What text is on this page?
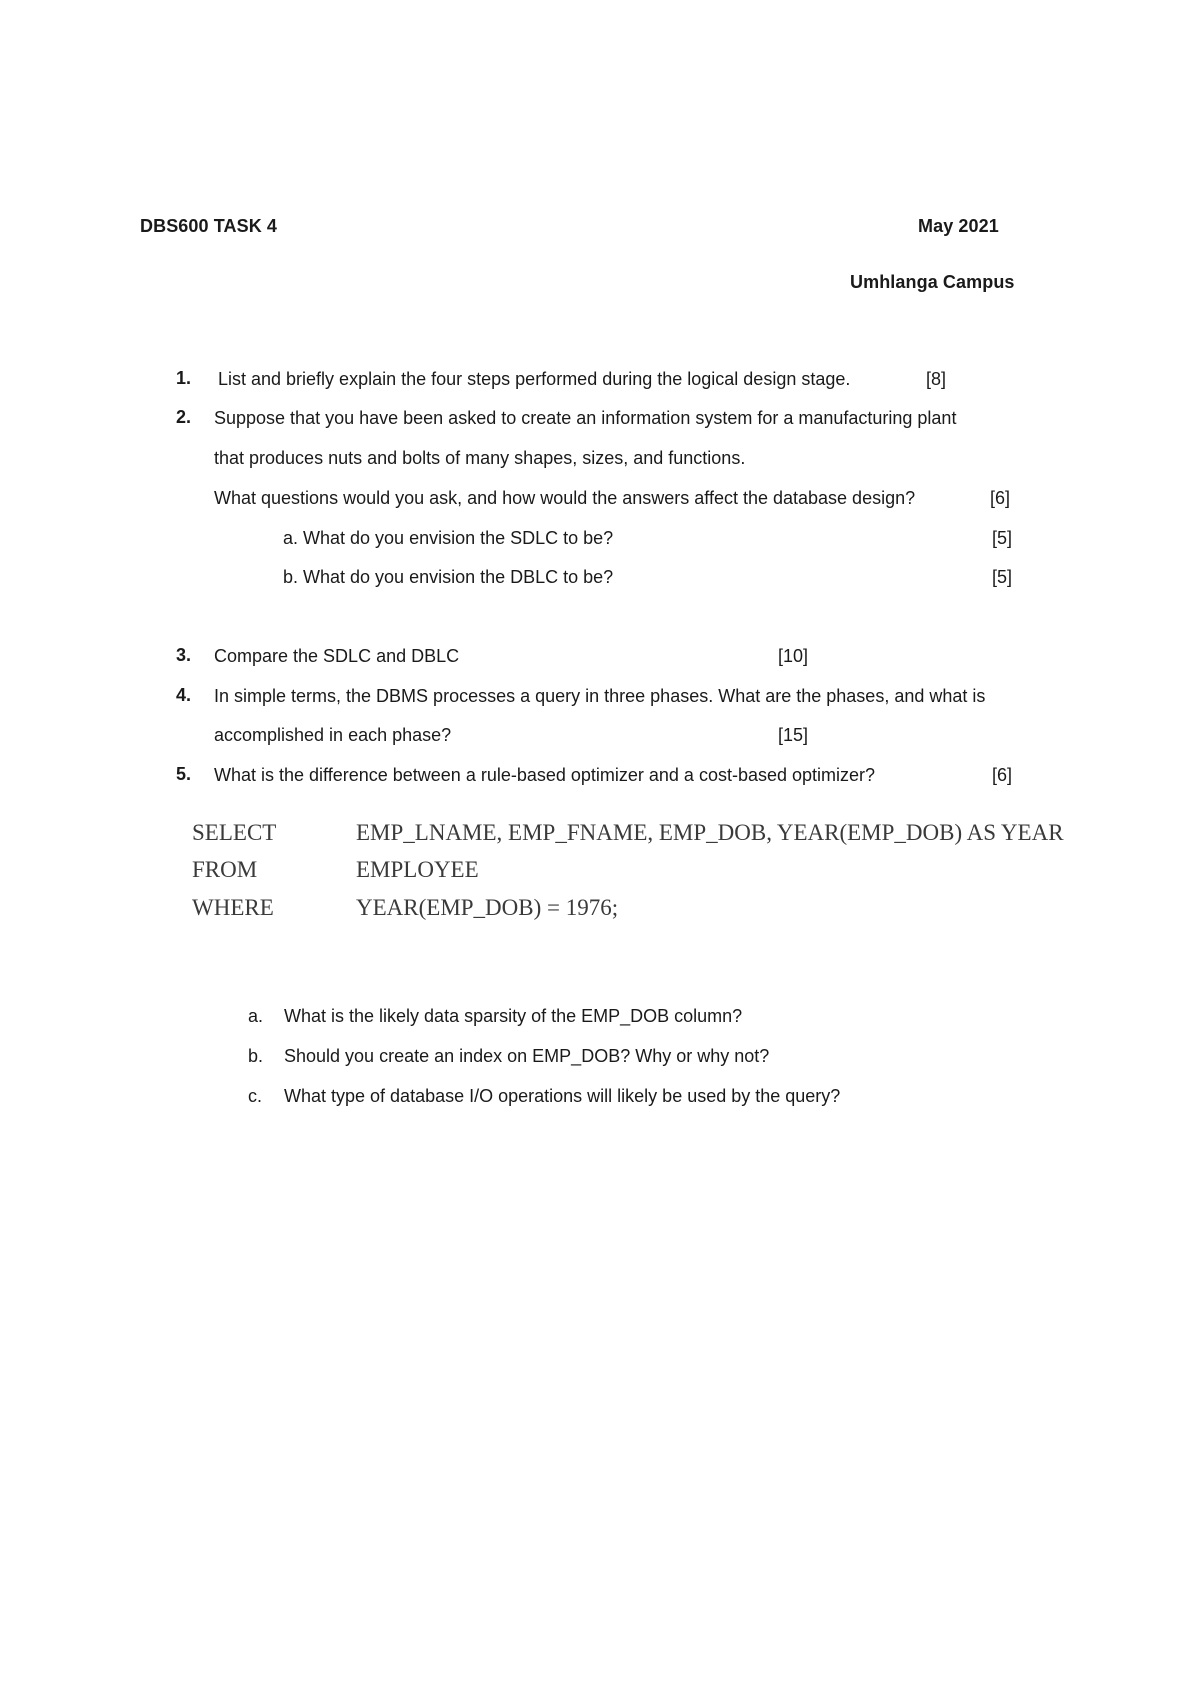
DBS600 TASK 4	May 2021
Umhlanga Campus
1. List and briefly explain the four steps performed during the logical design stage.	[8]
2. Suppose that you have been asked to create an information system for a manufacturing plant
that produces nuts and bolts of many shapes, sizes, and functions.
What questions would you ask, and how would the answers affect the database design?	[6]
a. What do you envision the SDLC to be?	[5]
b. What do you envision the DBLC to be?	[5]
3. Compare the SDLC and DBLC	[10]
4. In simple terms, the DBMS processes a query in three phases. What are the phases, and what is
accomplished in each phase?	[15]
5. What is the difference between a rule-based optimizer and a cost-based optimizer?	[6]
SELECT	EMP_LNAME, EMP_FNAME, EMP_DOB, YEAR(EMP_DOB) AS YEAR
FROM	EMPLOYEE
WHERE	YEAR(EMP_DOB) = 1976;
a. What is the likely data sparsity of the EMP_DOB column?
b. Should you create an index on EMP_DOB? Why or why not?
c. What type of database I/O operations will likely be used by the query?
